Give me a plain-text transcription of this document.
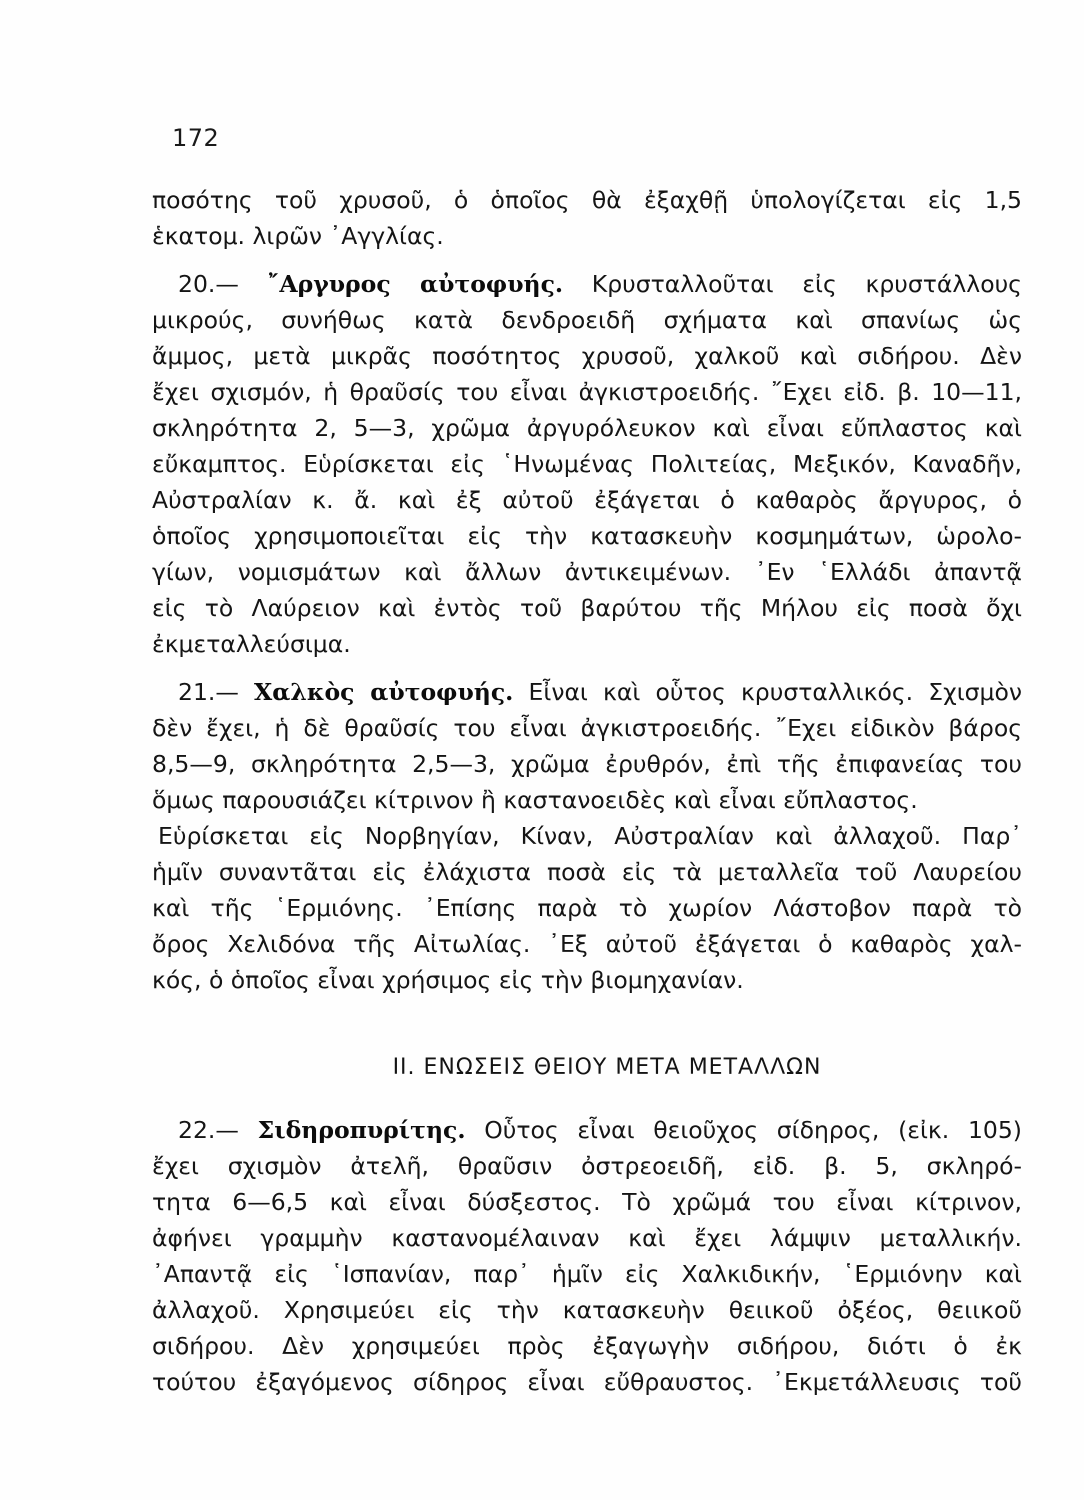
172
ποσότης τοῦ χρυσοῦ, ὁ ὁποῖος θὰ ἐξαχθῇ ὑπολογίζεται εἰς 1,5
ἑκατομ. λιρῶν ᾿Αγγλίας.
20.— ῎Αργυρος αὐτοφυής. Κρυσταλλοῦται εἰς κρυστάλλους
μικρούς, συνήθως κατὰ δενδροειδῆ σχήματα καὶ σπανίως ὡς
ἄμμος, μετὰ μικρᾶς ποσότητος χρυσοῦ, χαλκοῦ καὶ σιδήρου. Δὲν
ἔχει σχισμόν, ἡ θραῦσίς του εἶναι ἀγκιστροειδής. ῎Εχει εἰδ. β. 10—11,
σκληρότητα 2, 5—3, χρῶμα ἀργυρόλευκον καὶ εἶναι εὔπλαστος καὶ
εὔκαμπτος. Εὑρίσκεται εἰς ῾Ηνωμένας Πολιτείας, Μεξικόν, Καναδῆν,
Αὐστραλίαν κ. ἄ. καὶ ἐξ αὐτοῦ ἐξάγεται ὁ καθαρὸς ἄργυρος, ὁ
ὁποῖος χρησιμοποιεῖται εἰς τὴν κατασκευὴν κοσμημάτων, ὡρολο-
γίων, νομισμάτων καὶ ἄλλων ἀντικειμένων. ᾿Εν ῾Ελλάδι ἀπαντᾷ
εἰς τὸ Λαύρειον καὶ ἐντὸς τοῦ βαρύτου τῆς Μήλου εἰς ποσὰ ὄχι
ἐκμεταλλεύσιμα.
21.— Χαλκὸς αὐτοφυής. Εἶναι καὶ οὗτος κρυσταλλικός. Σχισμὸν
δὲν ἔχει, ἡ δὲ θραῦσίς του εἶναι ἀγκιστροειδής. ῎Εχει εἰδικὸν βάρος
8,5—9, σκληρότητα 2,5—3, χρῶμα ἐρυθρόν, ἐπὶ τῆς ἐπιφανείας του
ὅμως παρουσιάζει κίτρινον ἢ καστανοειδὲς καὶ εἶναι εὔπλαστος.
Εὑρίσκεται εἰς Νορβηγίαν, Κίναν, Αὐστραλίαν καὶ ἀλλαχοῦ. Παρ᾿
ἡμῖν συναντᾶται εἰς ἐλάχιστα ποσὰ εἰς τὰ μεταλλεῖα τοῦ Λαυρείου
καὶ τῆς ῾Ερμιόνης. ᾿Επίσης παρὰ τὸ χωρίον Λάστοβον παρὰ τὸ
ὄρος Χελιδόνα τῆς Αἰτωλίας. ᾿Εξ αὐτοῦ ἐξάγεται ὁ καθαρὸς χαλ-
κός, ὁ ὁποῖος εἶναι χρήσιμος εἰς τὴν βιομηχανίαν.
ΙΙ. ΕΝΩΣΕΙΣ ΘΕΙΟΥ ΜΕΤΑ ΜΕΤΑΛΛΩΝ
22.— Σιδηροπυρίτης. Οὗτος εἶναι θειοῦχος σίδηρος, (εἰκ. 105)
ἔχει σχισμὸν ἀτελῆ, θραῦσιν ὀστρεοειδῆ, εἰδ. β. 5, σκληρό-
τητα 6—6,5 καὶ εἶναι δύσξεστος. Τὸ χρῶμά του εἶναι κίτρινον,
ἀφήνει γραμμὴν καστανομέλαιναν καὶ ἔχει λάμψιν μεταλλικήν.
᾿Απαντᾷ εἰς ῾Ισπανίαν, παρ᾿ ἡμῖν εἰς Χαλκιδικήν, ῾Ερμιόνην καὶ
ἀλλαχοῦ. Χρησιμεύει εἰς τὴν κατασκευὴν θειικοῦ ὀξέος, θειικοῦ
σιδήρου. Δὲν χρησιμεύει πρὸς ἐξαγωγὴν σιδήρου, διότι ὁ ἐκ
τούτου ἐξαγόμενος σίδηρος εἶναι εὔθραυστος. ᾿Εκμετάλλευσις τοῦ
